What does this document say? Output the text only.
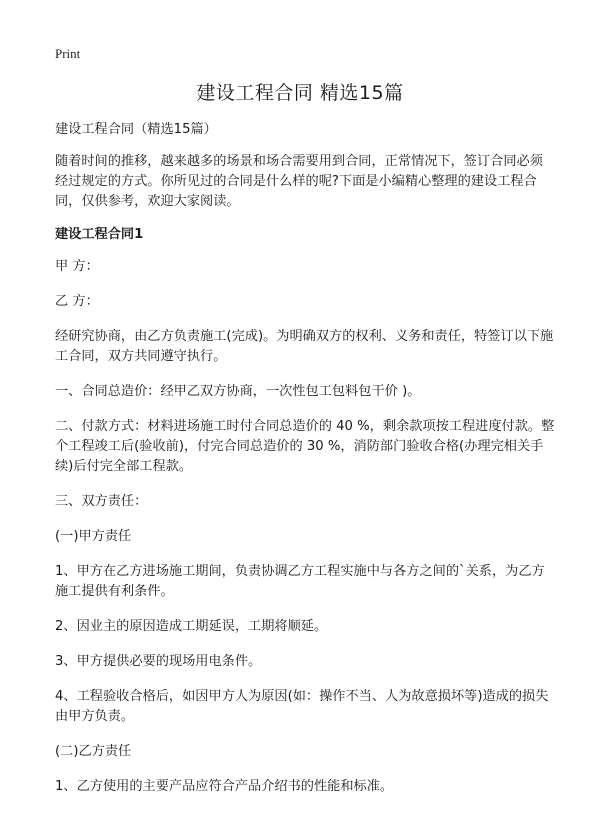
Print
建设工程合同 精选15篇

建设工程合同（精选15篇）

随着时间的推移，越来越多的场景和场合需要用到合同，正常情况下，签订合同必须经过规定的方式。你所见过的合同是什么样的呢?下面是小编精心整理的建设工程合同，仅供参考，欢迎大家阅读。

建设工程合同1

甲 方：

乙 方：

经研究协商，由乙方负责施工(完成)。为明确双方的权利、义务和责任，特签订以下施工合同，双方共同遵守执行。

一、合同总造价：经甲乙双方协商，一次性包工包料包干价 )。

二、付款方式：材料进场施工时付合同总造价的 40 %，剩余款项按工程进度付款。整个工程竣工后(验收前)，付完合同总造价的 30 %，消防部门验收合格(办理完相关手续)后付完全部工程款。

三、双方责任：

(一)甲方责任

1、甲方在乙方进场施工期间，负责协调乙方工程实施中与各方之间的`关系，为乙方施工提供有利条件。

2、因业主的原因造成工期延误，工期将顺延。

3、甲方提供必要的现场用电条件。

4、工程验收合格后，如因甲方人为原因(如：操作不当、人为故意损坏等)造成的损失由甲方负责。

(二)乙方责任

1、乙方使用的主要产品应符合产品介绍书的性能和标准。
